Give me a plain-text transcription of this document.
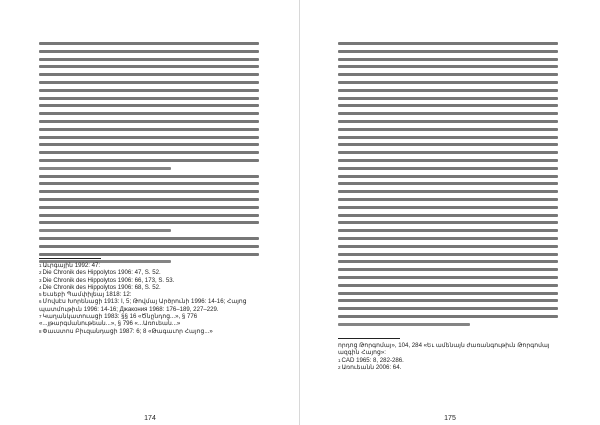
$^1$Աւրգային 1992: 47:
$^2$Die Chronik des Hippolytos 1906: 47, S. 52.
$^3$Die Chronik des Hippolytos 1906: 66, 173, S. 53.
$^4$Die Chronik des Hippolytos 1906: 68, S. 52.
$^5$Եւսեբի Պամփիլեայ 1818: 12:
$^6$Մովսէս Խորենացի 1913: I, 5; Թովմայ Արծրունի 1996: 14-16; Հայոց պատմութիւն 1996: 14-16; Джакония 1968: 176–189, 227–229.
$^7$Կաղանկատուացի 1983: §§ 16 «Ծնընդոց...», § 776 «...յթարգմանութեան...», § 796 «...Առուեան...»
$^8$Փաւստոս Բիւզանդացի 1987: 6; 8 «Թագաւոր Հայոց...»
174
որդոց Թորգոմայ», 104, 284 «Եւ ամենայն ժառանգութիւն Թորգոմայ ազգին Հայոց»:
$^1$CAD 1965: 8, 282-286.
$^2$Առուեանն 2006: 64.
175
